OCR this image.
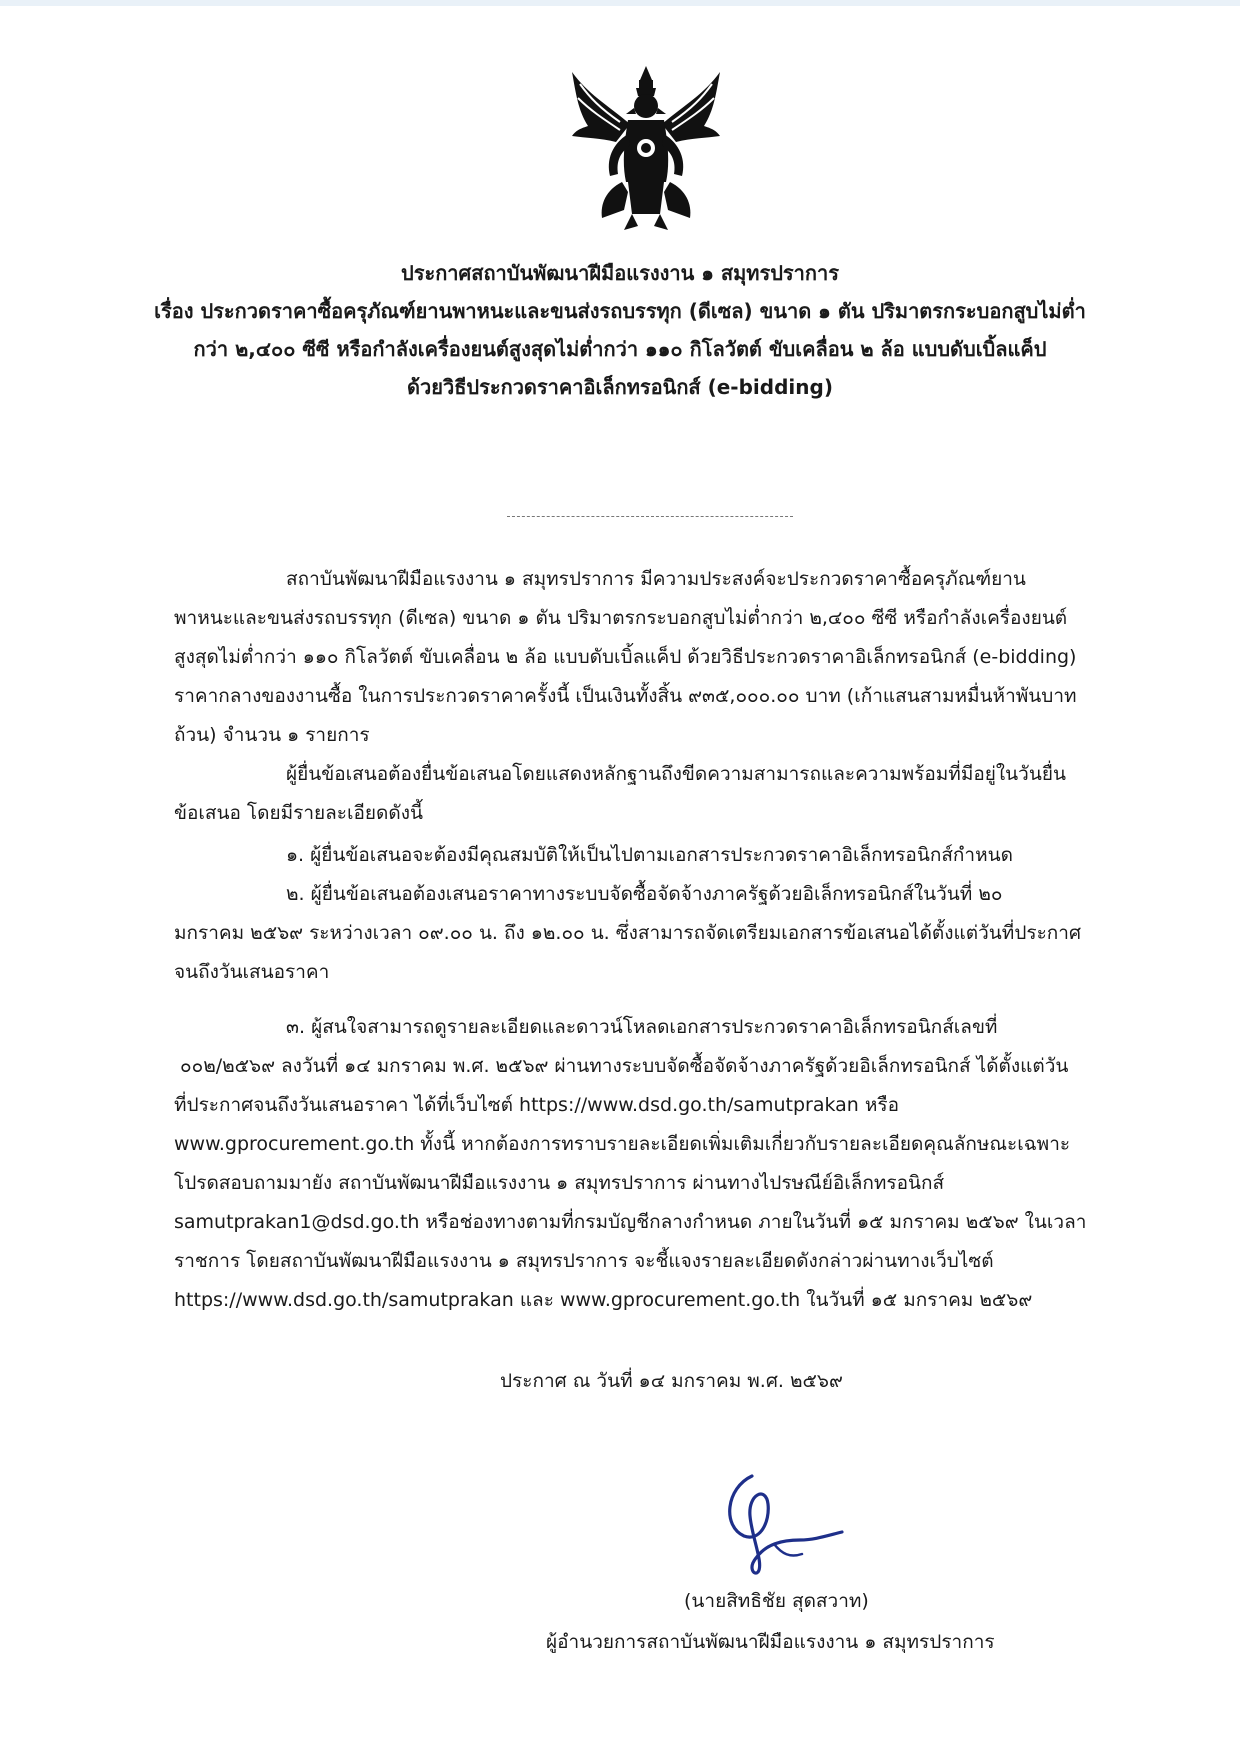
ประกาศสถาบันพัฒนาฝีมือแรงงาน ๑ สมุทรปราการ
เรื่อง ประกวดราคาซื้อครุภัณฑ์ยานพาหนะและขนส่งรถบรรทุก (ดีเซล) ขนาด ๑ ตัน ปริมาตรกระบอกสูบไม่ต่ำ
กว่า ๒,๔๐๐ ซีซี หรือกำลังเครื่องยนต์สูงสุดไม่ต่ำกว่า ๑๑๐ กิโลวัตต์ ขับเคลื่อน ๒ ล้อ แบบดับเบิ้ลแค็ป
ด้วยวิธีประกวดราคาอิเล็กทรอนิกส์ (e-bidding)
สถาบันพัฒนาฝีมือแรงงาน ๑ สมุทรปราการ มีความประสงค์จะประกวดราคาซื้อครุภัณฑ์ยาน
พาหนะและขนส่งรถบรรทุก (ดีเซล) ขนาด ๑ ตัน ปริมาตรกระบอกสูบไม่ต่ำกว่า ๒,๔๐๐ ซีซี หรือกำลังเครื่องยนต์
สูงสุดไม่ต่ำกว่า ๑๑๐ กิโลวัตต์ ขับเคลื่อน ๒ ล้อ แบบดับเบิ้ลแค็ป ด้วยวิธีประกวดราคาอิเล็กทรอนิกส์ (e-bidding)
ราคากลางของงานซื้อ ในการประกวดราคาครั้งนี้ เป็นเงินทั้งสิ้น ๙๓๕,๐๐๐.๐๐ บาท (เก้าแสนสามหมื่นห้าพันบาท
ถ้วน) จำนวน ๑ รายการ
ผู้ยื่นข้อเสนอต้องยื่นข้อเสนอโดยแสดงหลักฐานถึงขีดความสามารถและความพร้อมที่มีอยู่ในวันยื่น
ข้อเสนอ โดยมีรายละเอียดดังนี้
๑. ผู้ยื่นข้อเสนอจะต้องมีคุณสมบัติให้เป็นไปตามเอกสารประกวดราคาอิเล็กทรอนิกส์กำหนด
๒. ผู้ยื่นข้อเสนอต้องเสนอราคาทางระบบจัดซื้อจัดจ้างภาครัฐด้วยอิเล็กทรอนิกส์ในวันที่ ๒๐
มกราคม ๒๕๖๙ ระหว่างเวลา ๐๙.๐๐ น. ถึง ๑๒.๐๐ น. ซึ่งสามารถจัดเตรียมเอกสารข้อเสนอได้ตั้งแต่วันที่ประกาศ
จนถึงวันเสนอราคา
๓. ผู้สนใจสามารถดูรายละเอียดและดาวน์โหลดเอกสารประกวดราคาอิเล็กทรอนิกส์เลขที่
๐๐๒/๒๕๖๙ ลงวันที่ ๑๔ มกราคม พ.ศ. ๒๕๖๙ ผ่านทางระบบจัดซื้อจัดจ้างภาครัฐด้วยอิเล็กทรอนิกส์ ได้ตั้งแต่วัน
ที่ประกาศจนถึงวันเสนอราคา ได้ที่เว็บไซต์ https://www.dsd.go.th/samutprakan หรือ
www.gprocurement.go.th ทั้งนี้ หากต้องการทราบรายละเอียดเพิ่มเติมเกี่ยวกับรายละเอียดคุณลักษณะเฉพาะ
โปรดสอบถามมายัง สถาบันพัฒนาฝีมือแรงงาน ๑ สมุทรปราการ ผ่านทางไปรษณีย์อิเล็กทรอนิกส์
samutprakan1@dsd.go.th หรือช่องทางตามที่กรมบัญชีกลางกำหนด ภายในวันที่ ๑๕ มกราคม ๒๕๖๙ ในเวลา
ราชการ โดยสถาบันพัฒนาฝีมือแรงงาน ๑ สมุทรปราการ จะชี้แจงรายละเอียดดังกล่าวผ่านทางเว็บไซต์
https://www.dsd.go.th/samutprakan และ www.gprocurement.go.th ในวันที่ ๑๕ มกราคม ๒๕๖๙
ประกาศ ณ วันที่ ๑๔ มกราคม พ.ศ. ๒๕๖๙
(นายสิทธิชัย สุดสวาท)
ผู้อำนวยการสถาบันพัฒนาฝีมือแรงงาน ๑ สมุทรปราการ
